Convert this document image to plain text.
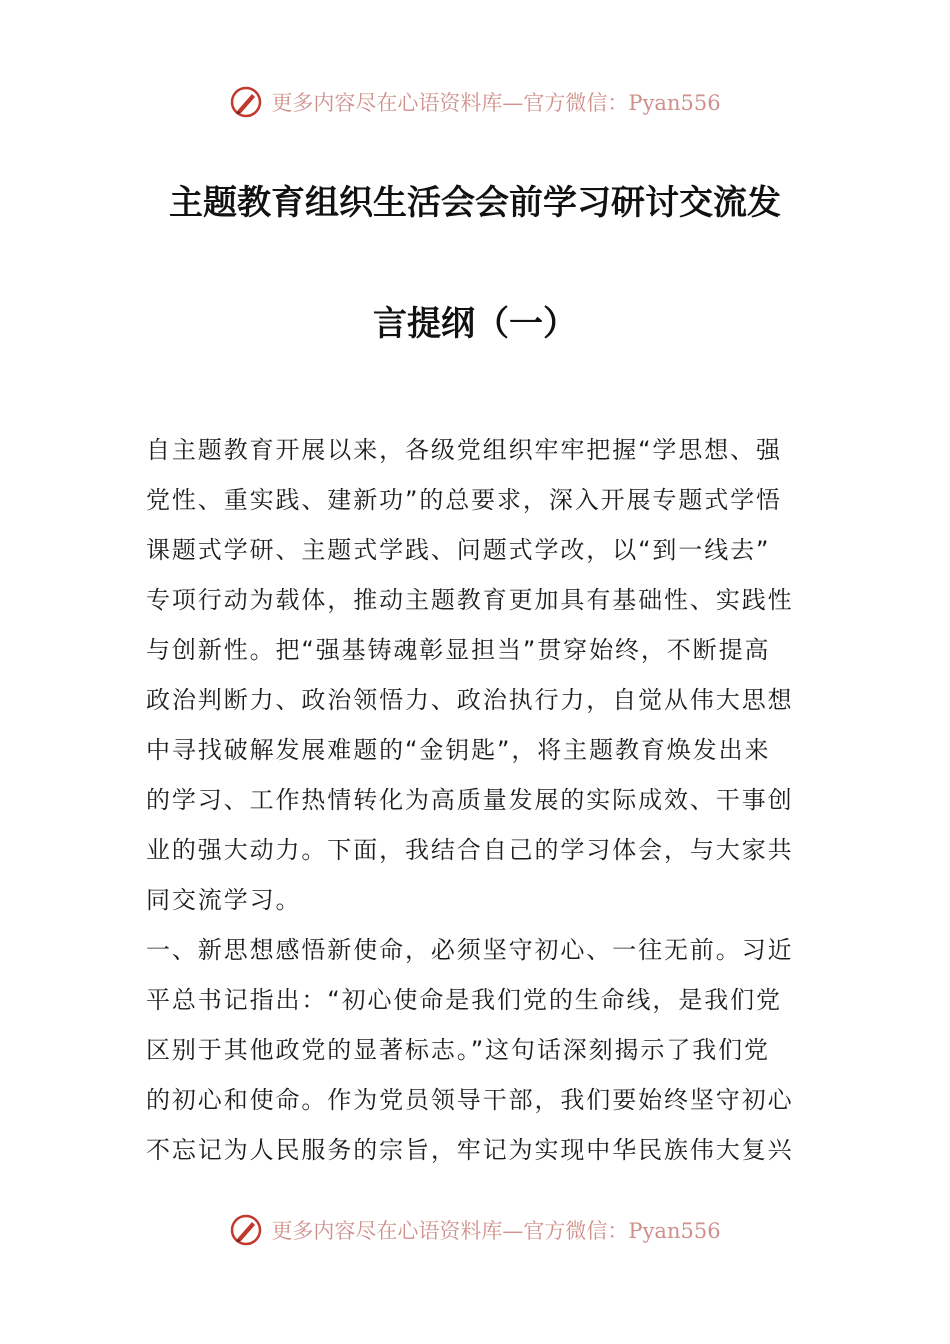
更多内容尽在心语资料库—官方微信：Pyan556
主题教育组织生活会会前学习研讨交流发
言提纲（一）
自主题教育开展以来，各级党组织牢牢把握“学思想、强
党性、重实践、建新功”的总要求，深入开展专题式学悟
课题式学研、主题式学践、问题式学改，以“到一线去”
专项行动为载体，推动主题教育更加具有基础性、实践性
与创新性。把“强基铸魂彰显担当”贯穿始终，不断提高
政治判断力、政治领悟力、政治执行力，自觉从伟大思想
中寻找破解发展难题的“金钥匙”，将主题教育焕发出来
的学习、工作热情转化为高质量发展的实际成效、干事创
业的强大动力。下面，我结合自己的学习体会，与大家共
同交流学习。
一、新思想感悟新使命，必须坚守初心、一往无前。习近
平总书记指出：“初心使命是我们党的生命线，是我们党
区别于其他政党的显著标志。”这句话深刻揭示了我们党
的初心和使命。作为党员领导干部，我们要始终坚守初心
不忘记为人民服务的宗旨，牢记为实现中华民族伟大复兴
更多内容尽在心语资料库—官方微信：Pyan556
